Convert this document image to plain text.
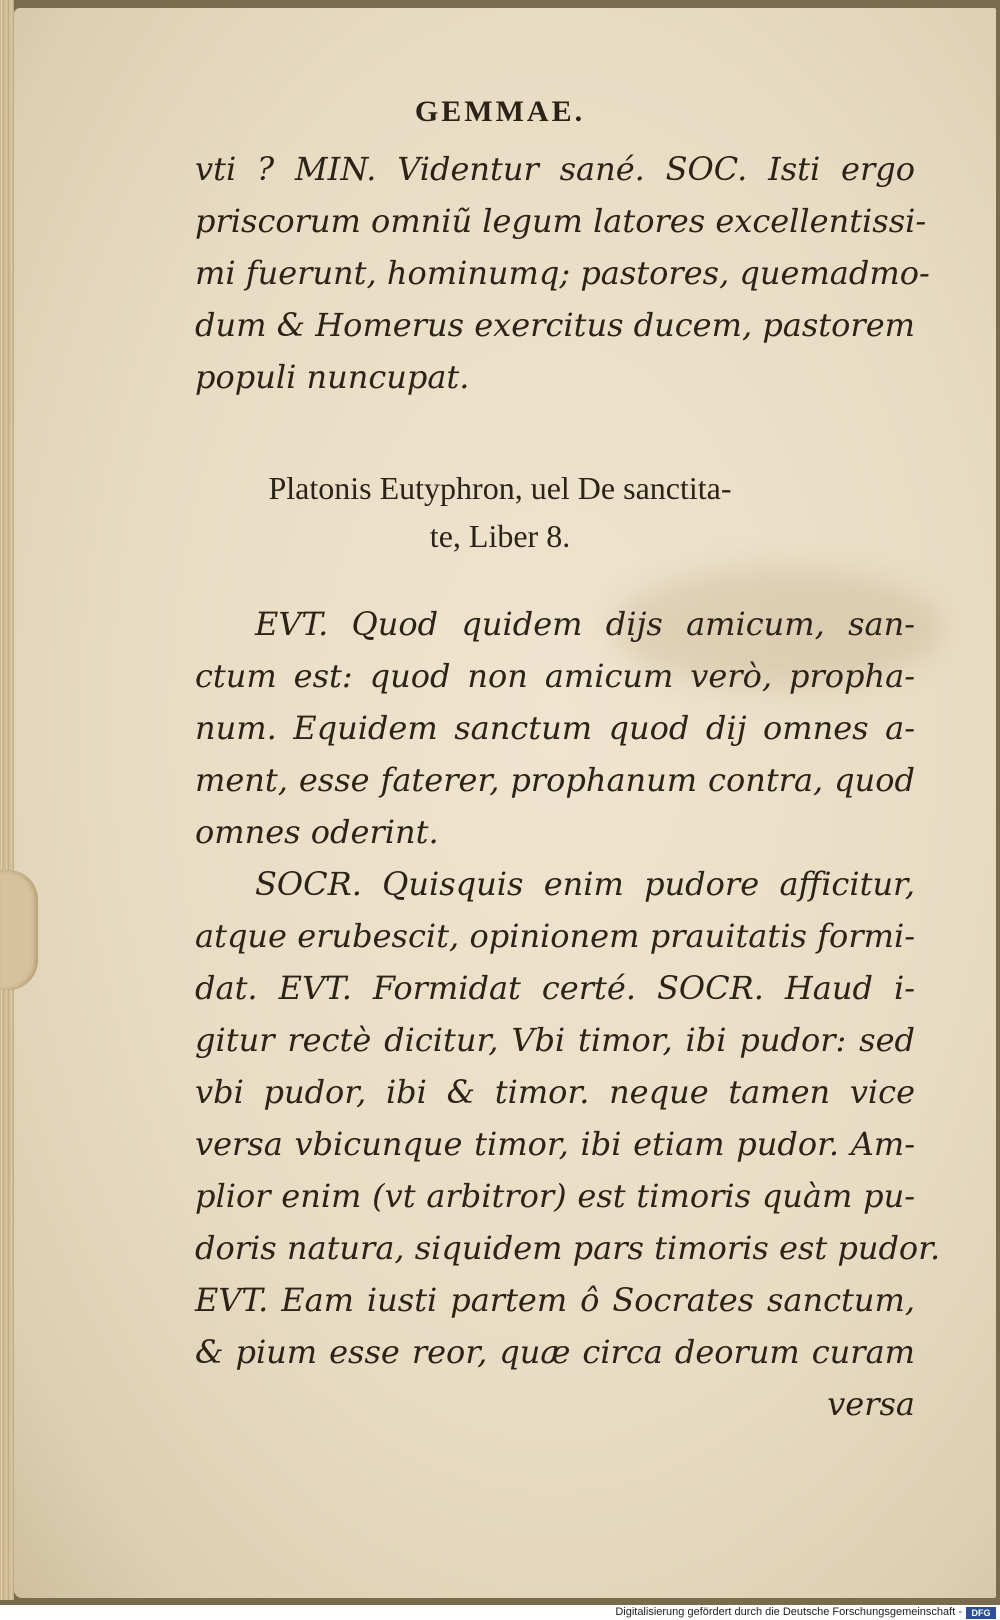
GEMMAE.
vti ? MIN. Videntur sané. SOC. Isti ergo
priscorum omniũ legum latores excellentissi-
mi fuerunt, hominumq; pastores, quemadmo-
dum & Homerus exercitus ducem, pastorem
populi nuncupat.
Platonis Eutyphron, uel De sanctita-
te, Liber 8.
EVT. Quod quidem dijs amicum, san-
ctum est: quod non amicum verò, propha-
num. Equidem sanctum quod dij omnes a-
ment, esse faterer, prophanum contra, quod
omnes oderint.
SOCR. Quisquis enim pudore afficitur,
atque erubescit, opinionem prauitatis formi-
dat. EVT. Formidat certé. SOCR. Haud i-
gitur rectè dicitur, Vbi timor, ibi pudor: sed
vbi pudor, ibi & timor. neque tamen vice
versa vbicunque timor, ibi etiam pudor. Am-
plior enim (vt arbitror) est timoris quàm pu-
doris natura, siquidem pars timoris est pudor.
EVT. Eam iusti partem ô Socrates sanctum,
& pium esse reor, quæ circa deorum curam
versa
Digitalisierung gefördert durch die Deutsche Forschungsgemeinschaft -	DFG
